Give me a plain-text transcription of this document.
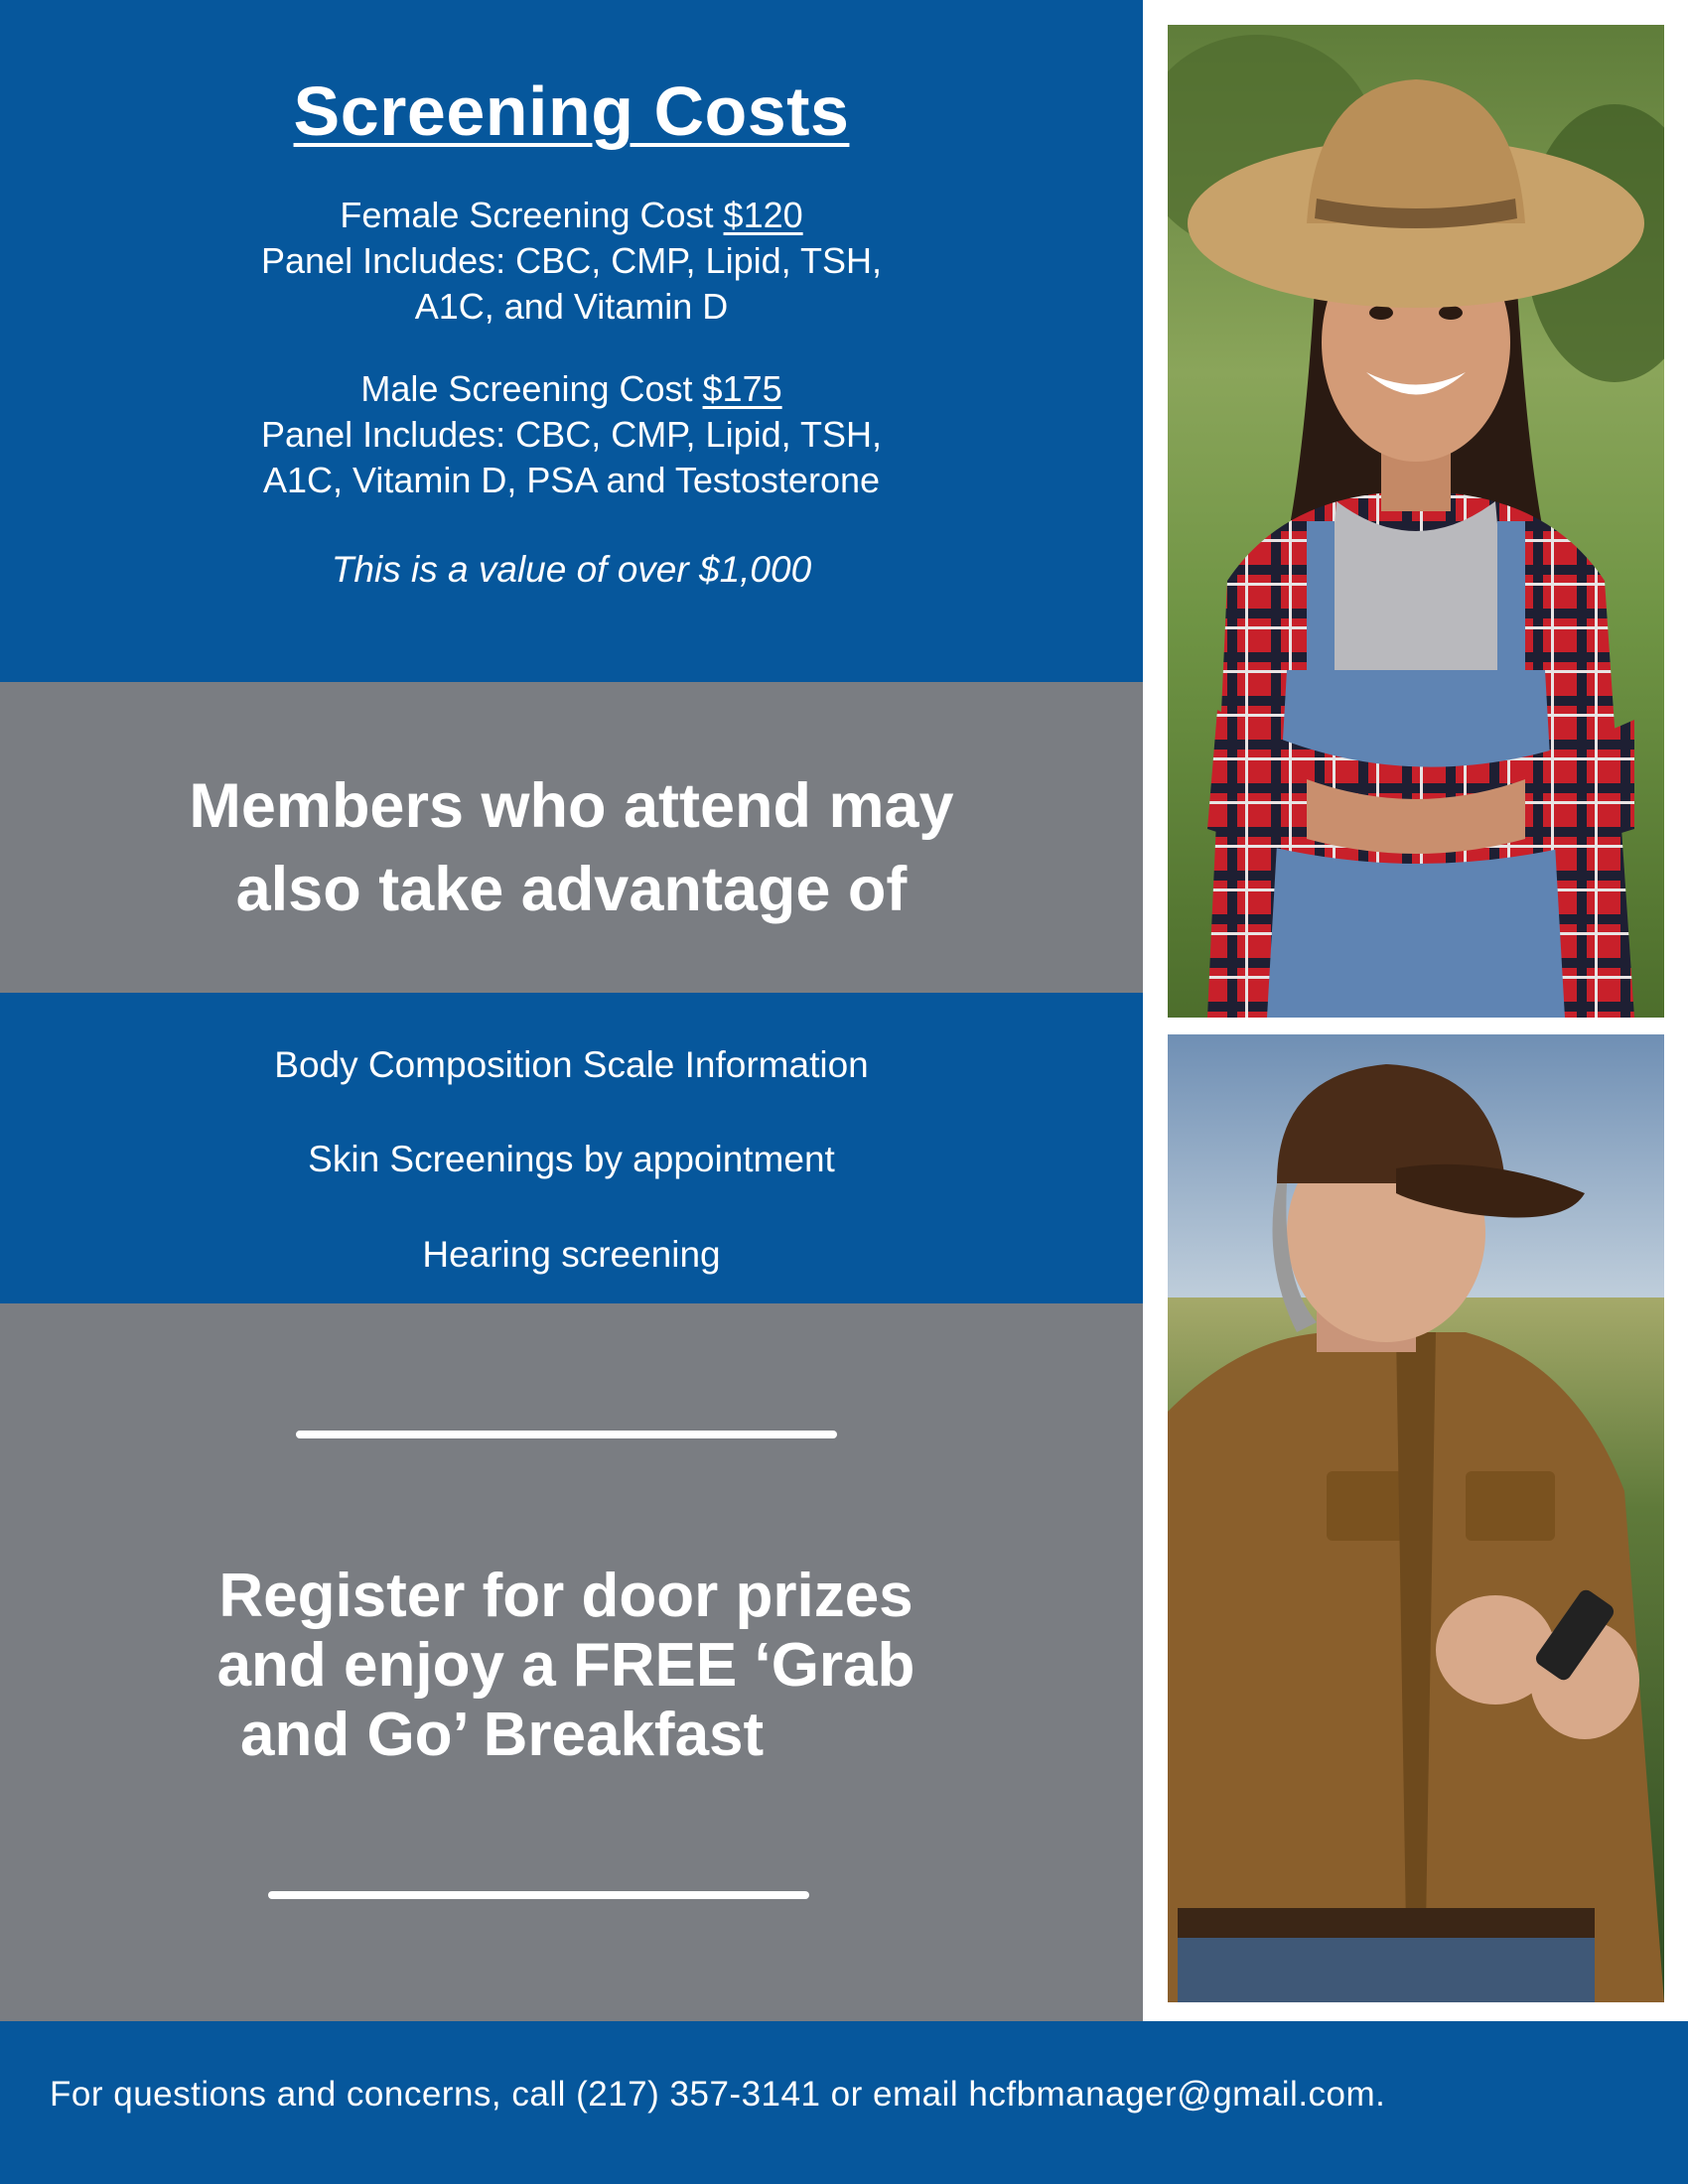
Screening Costs
Female Screening Cost $120
Panel Includes: CBC, CMP, Lipid, TSH,
A1C, and Vitamin D
Male Screening Cost $175
Panel Includes: CBC, CMP, Lipid, TSH,
A1C, Vitamin D, PSA and Testosterone
This is a value of over $1,000
Members who attend may
also take advantage of
Body Composition Scale Information
Skin Screenings by appointment
Hearing screening
Register for door prizes
and enjoy a FREE ‘Grab
and Go’ Breakfast
For questions and concerns, call (217) 357-3141 or email hcfbmanager@gmail.com.
